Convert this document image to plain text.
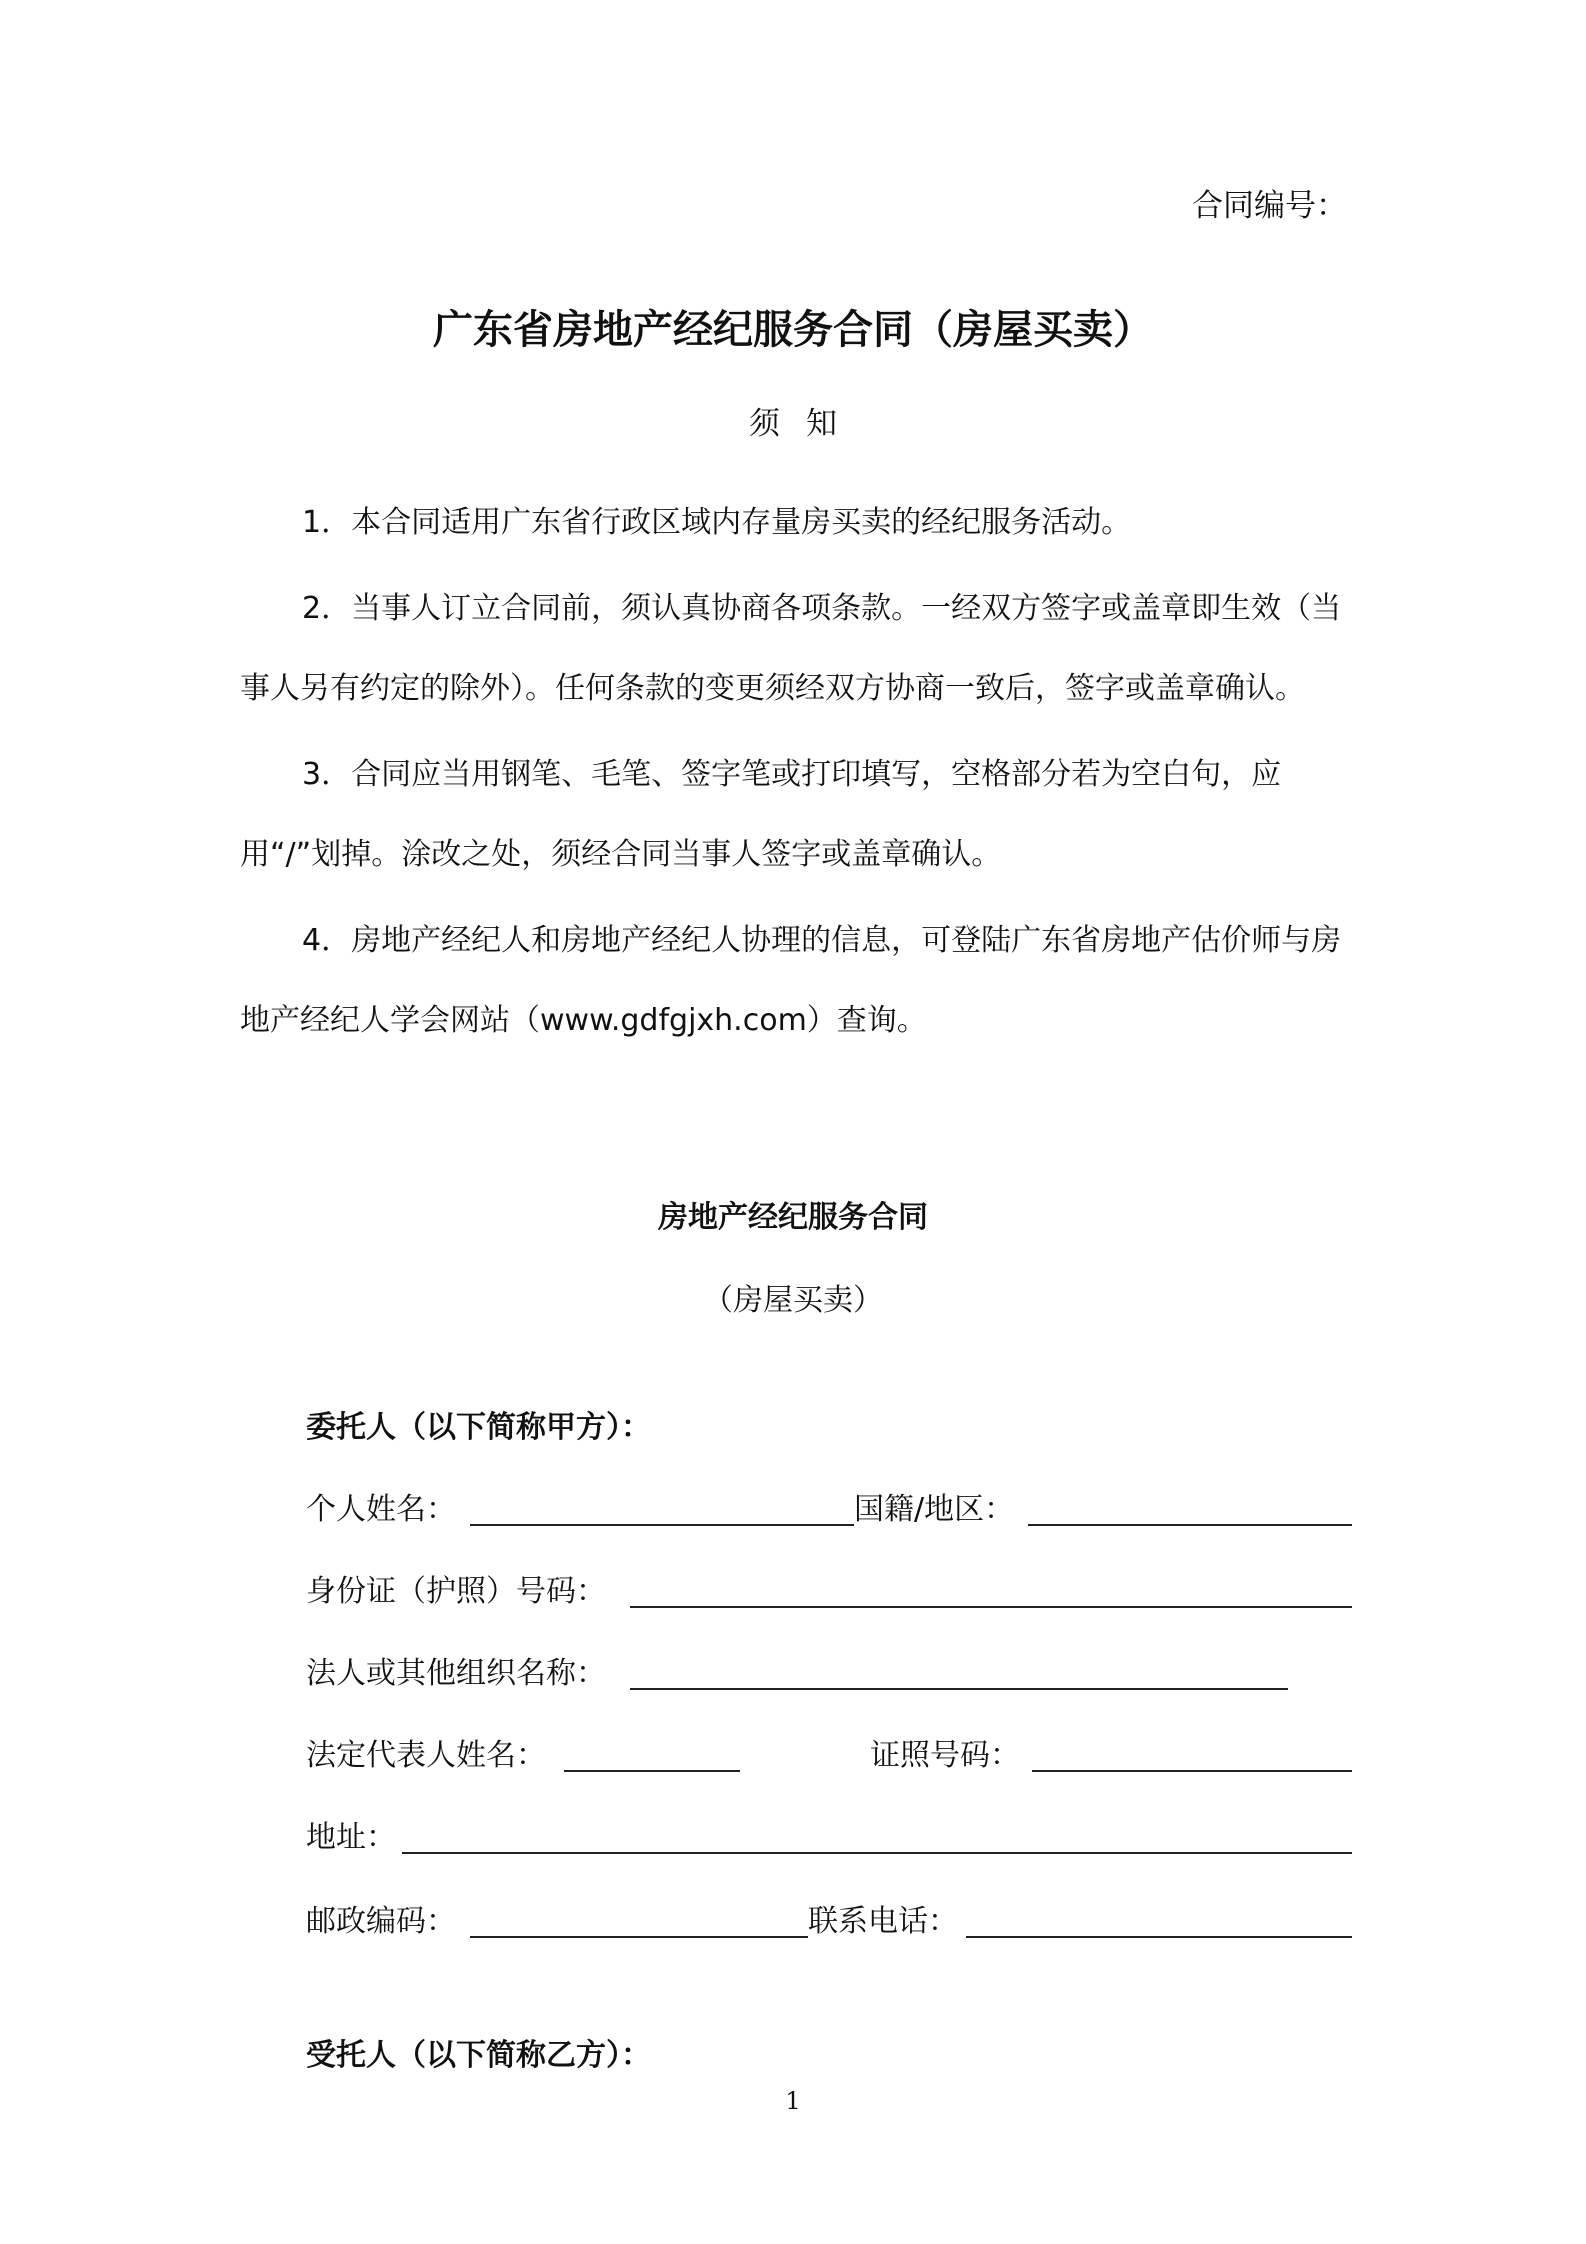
合同编号：
广东省房地产经纪服务合同（房屋买卖）
须知
1．本合同适用广东省行政区域内存量房买卖的经纪服务活动。
2．当事人订立合同前，须认真协商各项条款。一经双方签字或盖章即生效（当事人另有约定的除外）。任何条款的变更须经双方协商一致后，签字或盖章确认。
3．合同应当用钢笔、毛笔、签字笔或打印填写，空格部分若为空白句，应用“/”划掉。涂改之处，须经合同当事人签字或盖章确认。
4．房地产经纪人和房地产经纪人协理的信息，可登陆广东省房地产估价师与房地产经纪人学会网站（www.gdfgjxh.com）查询。
房地产经纪服务合同
（房屋买卖）
委托人（以下简称甲方）：
个人姓名：	国籍/地区：
身份证（护照）号码：
法人或其他组织名称：
法定代表人姓名：	证照号码：
地址：
邮政编码：	联系电话：
受托人（以下简称乙方）：
1
